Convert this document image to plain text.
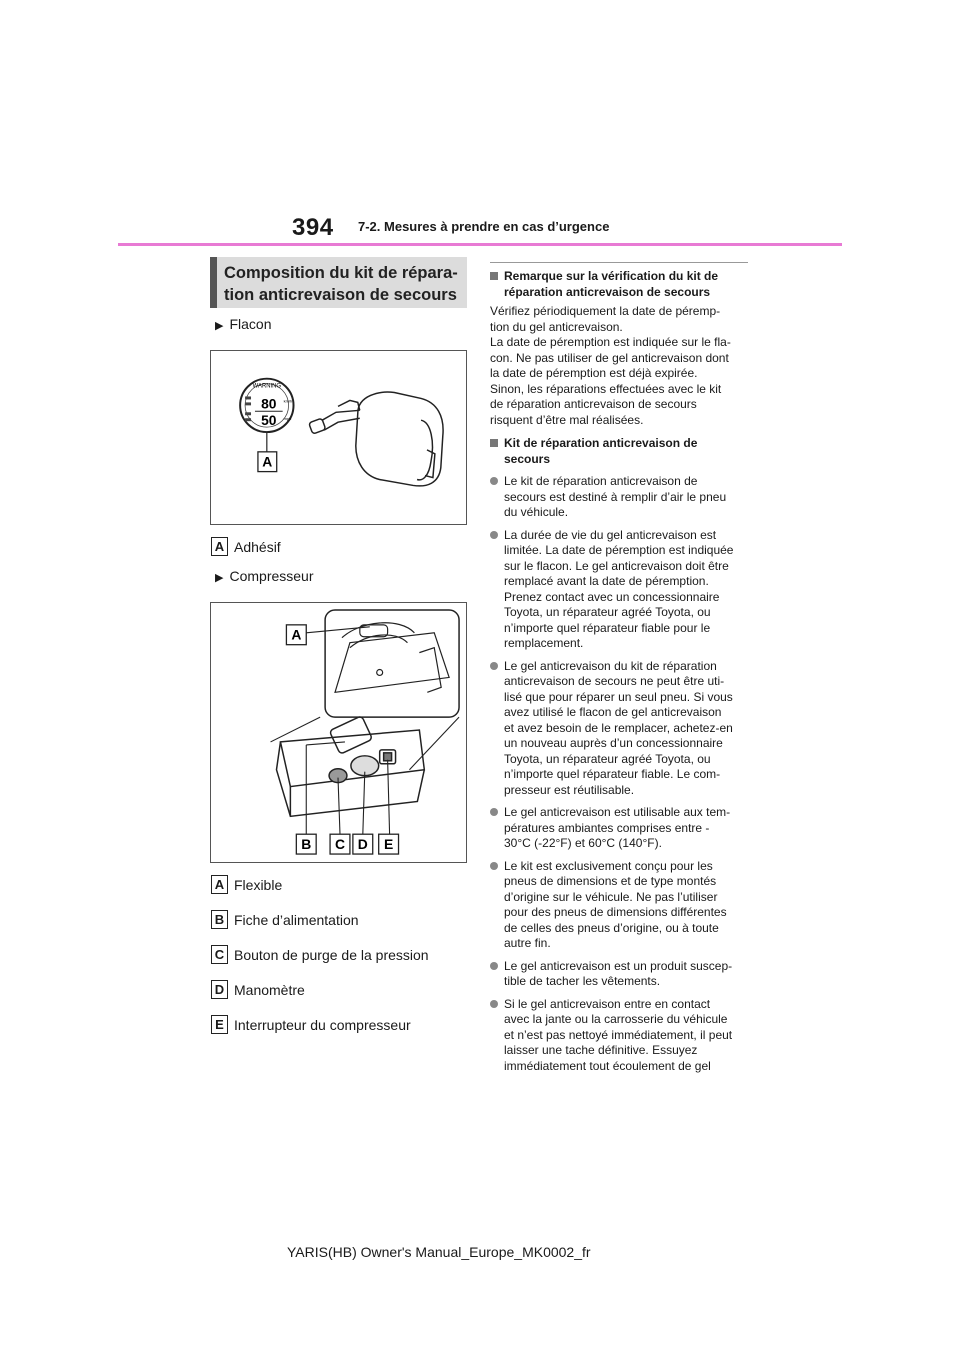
394 7-2. Mesures à prendre en cas d’urgence
Composition du kit de répara-
tion anticrevaison de secours
▶ Flacon
80
50
WARNING
km/h
mph
A
A Adhésif
▶ Compresseur
A
B C D E
A Flexible
B Fiche d’alimentation
C Bouton de purge de la pression
D Manomètre
E Interrupteur du compresseur
Remarque sur la vérification du kit de
réparation anticrevaison de secours
Vérifiez périodiquement la date de péremp-
tion du gel anticrevaison.
La date de péremption est indiquée sur le fla-
con. Ne pas utiliser de gel anticrevaison dont
la date de péremption est déjà expirée.
Sinon, les réparations effectuées avec le kit
de réparation anticrevaison de secours
risquent d’être mal réalisées.
Kit de réparation anticrevaison de
secours
Le kit de réparation anticrevaison de
secours est destiné à remplir d’air le pneu
du véhicule.
La durée de vie du gel anticrevaison est
limitée. La date de péremption est indiquée
sur le flacon. Le gel anticrevaison doit être
remplacé avant la date de péremption.
Prenez contact avec un concessionnaire
Toyota, un réparateur agréé Toyota, ou
n’importe quel réparateur fiable pour le
remplacement.
Le gel anticrevaison du kit de réparation
anticrevaison de secours ne peut être uti-
lisé que pour réparer un seul pneu. Si vous
avez utilisé le flacon de gel anticrevaison
et avez besoin de le remplacer, achetez-en
un nouveau auprès d’un concessionnaire
Toyota, un réparateur agréé Toyota, ou
n’importe quel réparateur fiable. Le com-
presseur est réutilisable.
Le gel anticrevaison est utilisable aux tem-
pératures ambiantes comprises entre -
30°C (-22°F) et 60°C (140°F).
Le kit est exclusivement conçu pour les
pneus de dimensions et de type montés
d’origine sur le véhicule. Ne pas l’utiliser
pour des pneus de dimensions différentes
de celles des pneus d’origine, ou à toute
autre fin.
Le gel anticrevaison est un produit suscep-
tible de tacher les vêtements.
Si le gel anticrevaison entre en contact
avec la jante ou la carrosserie du véhicule
et n’est pas nettoyé immédiatement, il peut
laisser une tache définitive. Essuyez
immédiatement tout écoulement de gel
YARIS(HB) Owner's Manual_Europe_MK0002_fr
